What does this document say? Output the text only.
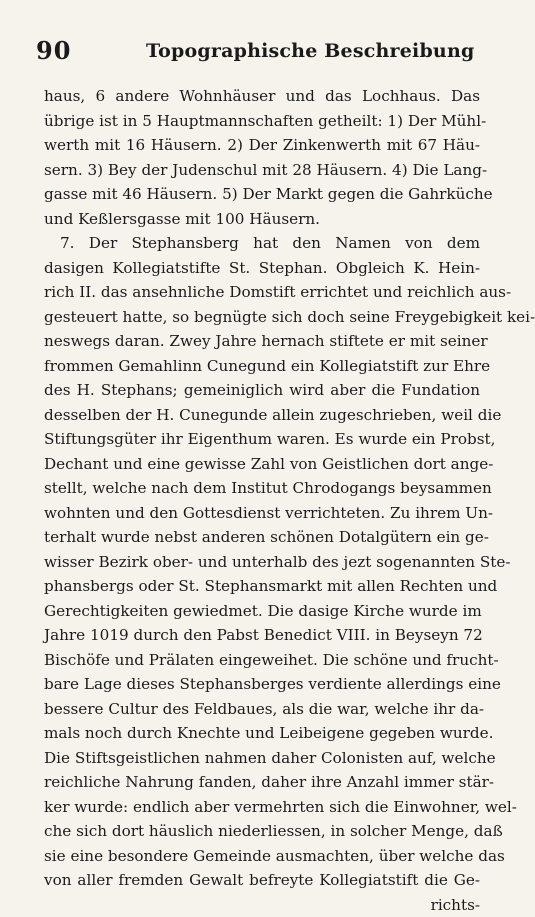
90	Topographische Beschreibung
haus, 6 andere Wohnhäuser und das Lochhaus. Das
übrige ist in 5 Hauptmannschaften getheilt: 1) Der Mühl-
werth mit 16 Häusern. 2) Der Zinkenwerth mit 67 Häu-
sern. 3) Bey der Judenschul mit 28 Häusern. 4) Die Lang-
gasse mit 46 Häusern. 5) Der Markt gegen die Gahrküche
und Keßlersgasse mit 100 Häusern.
7. Der Stephansberg hat den Namen von dem
dasigen Kollegiatstifte St. Stephan. Obgleich K. Hein-
rich II. das ansehnliche Domstift errichtet und reichlich aus-
gesteuert hatte, so begnügte sich doch seine Freygebigkeit kei-
neswegs daran. Zwey Jahre hernach stiftete er mit seiner
frommen Gemahlinn Cunegund ein Kollegiatstift zur Ehre
des H. Stephans; gemeiniglich wird aber die Fundation
desselben der H. Cunegunde allein zugeschrieben, weil die
Stiftungsgüter ihr Eigenthum waren. Es wurde ein Probst,
Dechant und eine gewisse Zahl von Geistlichen dort ange-
stellt, welche nach dem Institut Chrodogangs beysammen
wohnten und den Gottesdienst verrichteten. Zu ihrem Un-
terhalt wurde nebst anderen schönen Dotalgütern ein ge-
wisser Bezirk ober- und unterhalb des jezt sogenannten Ste-
phansbergs oder St. Stephansmarkt mit allen Rechten und
Gerechtigkeiten gewiedmet. Die dasige Kirche wurde im
Jahre 1019 durch den Pabst Benedict VIII. in Beyseyn 72
Bischöfe und Prälaten eingeweihet. Die schöne und frucht-
bare Lage dieses Stephansberges verdiente allerdings eine
bessere Cultur des Feldbaues, als die war, welche ihr da-
mals noch durch Knechte und Leibeigene gegeben wurde.
Die Stiftsgeistlichen nahmen daher Colonisten auf, welche
reichliche Nahrung fanden, daher ihre Anzahl immer stär-
ker wurde: endlich aber vermehrten sich die Einwohner, wel-
che sich dort häuslich niederliessen, in solcher Menge, daß
sie eine besondere Gemeinde ausmachten, über welche das
von aller fremden Gewalt befreyte Kollegiatstift die Ge-
richts-
